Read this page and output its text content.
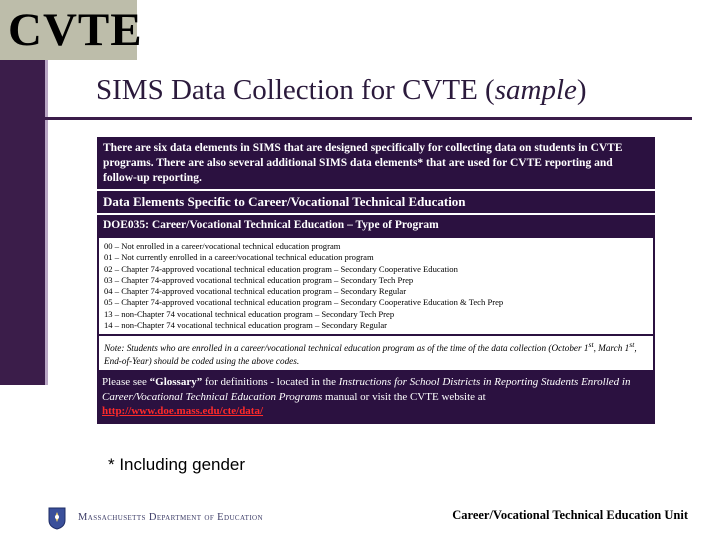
CVTE
SIMS Data Collection for CVTE (sample)
There are six data elements in SIMS that are designed specifically for collecting data on students in CVTE programs. There are also several additional SIMS data elements* that are used for CVTE reporting and follow-up reporting.
Data Elements Specific to Career/Vocational Technical Education
DOE035: Career/Vocational Technical Education – Type of Program
00 – Not enrolled in a career/vocational technical education program
01 – Not currently enrolled in a career/vocational technical education program
02 – Chapter 74-approved vocational technical education program – Secondary Cooperative Education
03 – Chapter 74-approved vocational technical education program – Secondary Tech Prep
04 – Chapter 74-approved vocational technical education program – Secondary Regular
05 – Chapter 74-approved vocational technical education program – Secondary Cooperative Education & Tech Prep
13 – non-Chapter 74 vocational technical education program – Secondary Tech Prep
14 – non-Chapter 74 vocational technical education program – Secondary Regular
Note: Students who are enrolled in a career/vocational technical education program as of the time of the data collection (October 1st, March 1st, End-of-Year) should be coded using the above codes.
Please see “Glossary” for definitions - located in the Instructions for School Districts in Reporting Students Enrolled in Career/Vocational Technical Education Programs manual or visit the CVTE website at
http://www.doe.mass.edu/cte/data/
* Including gender
Massachusetts Department of Education	Career/Vocational Technical Education Unit
